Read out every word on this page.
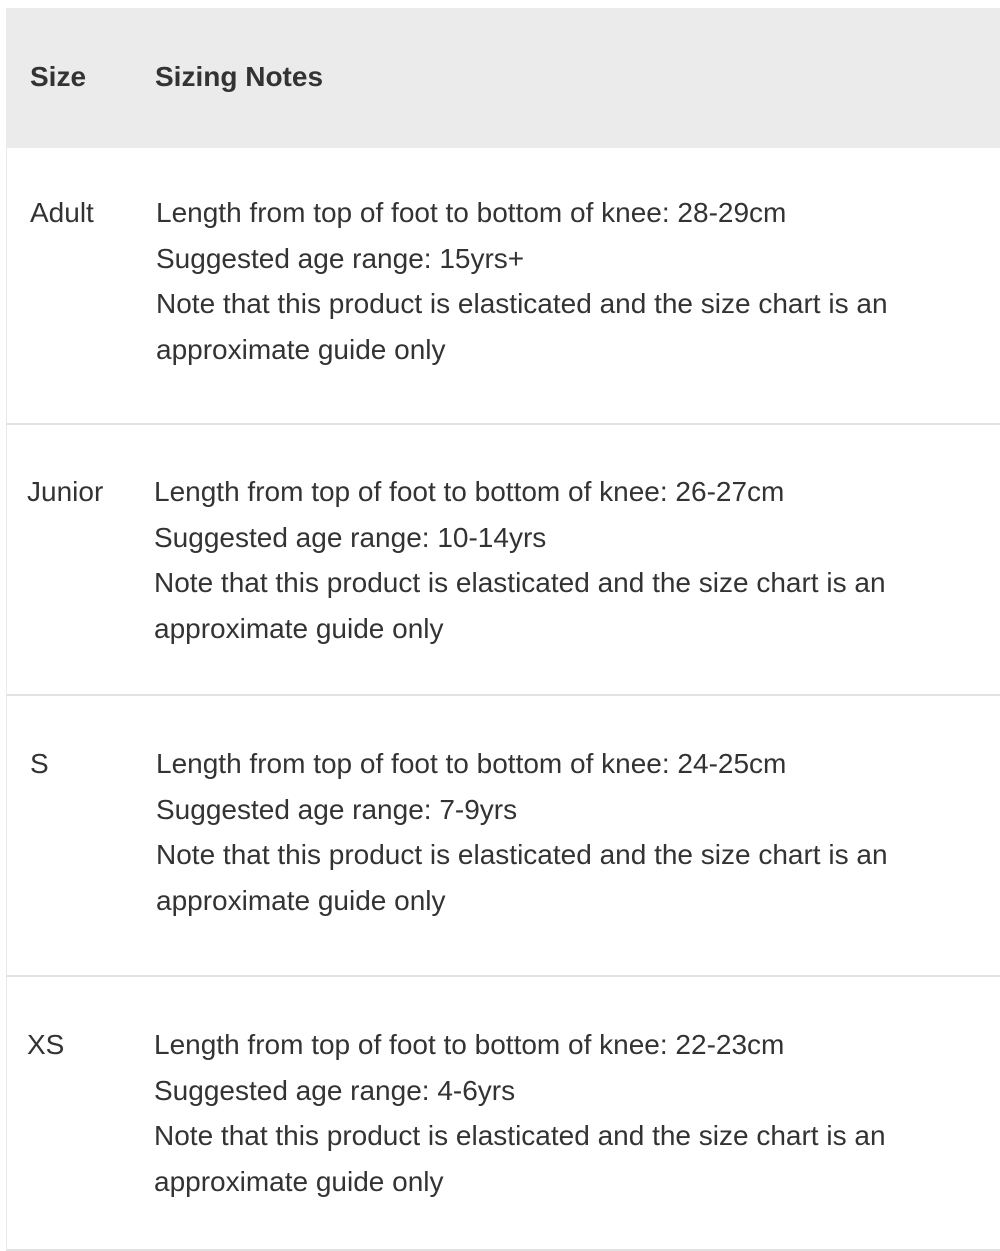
Size Sizing Notes
Adult Length from top of foot to bottom of knee: 28-29cm
Suggested age range: 15yrs+
Note that this product is elasticated and the size chart is an
approximate guide only
Junior Length from top of foot to bottom of knee: 26-27cm
Suggested age range: 10-14yrs
Note that this product is elasticated and the size chart is an
approximate guide only
S	Length from top of foot to bottom of knee: 24-25cm
Suggested age range: 7-9yrs
Note that this product is elasticated and the size chart is an
approximate guide only
XS	Length from top of foot to bottom of knee: 22-23cm
Suggested age range: 4-6yrs
Note that this product is elasticated and the size chart is an
approximate guide only
